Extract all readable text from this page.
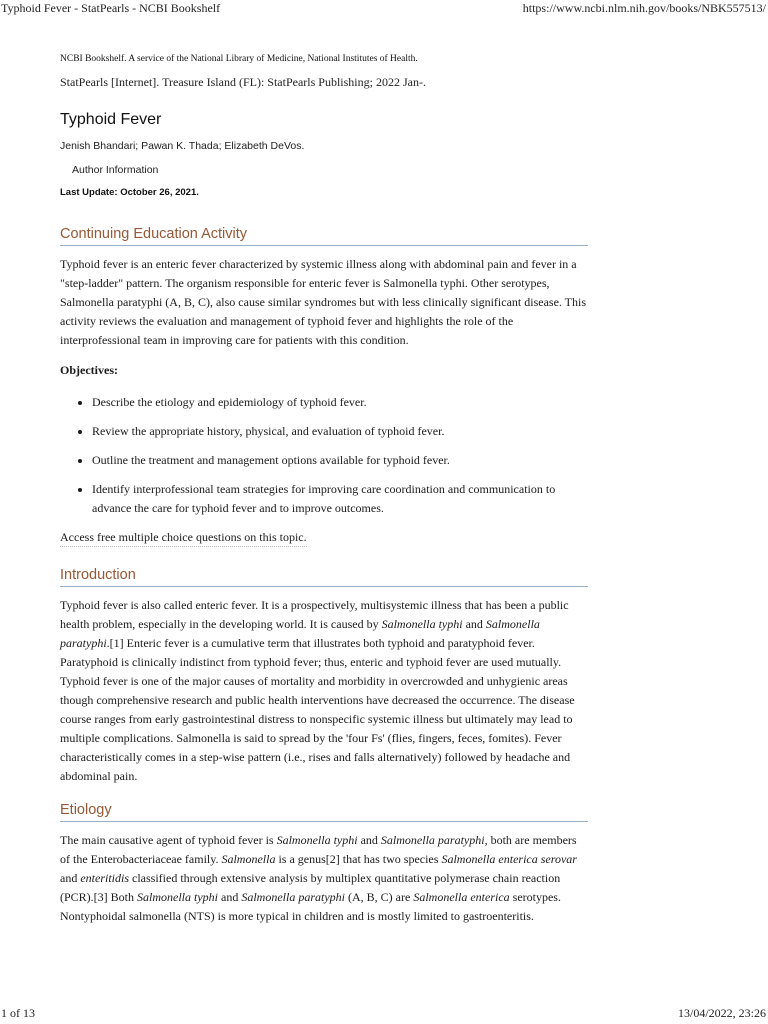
Typhoid Fever - StatPearls - NCBI Bookshelf	https://www.ncbi.nlm.nih.gov/books/NBK557513/

NCBI Bookshelf. A service of the National Library of Medicine, National Institutes of Health.

StatPearls [Internet]. Treasure Island (FL): StatPearls Publishing; 2022 Jan-.

Typhoid Fever

Jenish Bhandari; Pawan K. Thada; Elizabeth DeVos.

Author Information

Last Update: October 26, 2021.

Continuing Education Activity

Typhoid fever is an enteric fever characterized by systemic illness along with abdominal pain and fever in a "step-ladder" pattern. The organism responsible for enteric fever is Salmonella typhi. Other serotypes, Salmonella paratyphi (A, B, C), also cause similar syndromes but with less clinically significant disease. This activity reviews the evaluation and management of typhoid fever and highlights the role of the interprofessional team in improving care for patients with this condition.

Objectives:

• Describe the etiology and epidemiology of typhoid fever.
• Review the appropriate history, physical, and evaluation of typhoid fever.
• Outline the treatment and management options available for typhoid fever.
• Identify interprofessional team strategies for improving care coordination and communication to advance the care for typhoid fever and to improve outcomes.
Access free multiple choice questions on this topic.
Introduction

Typhoid fever is also called enteric fever. It is a prospectively, multisystemic illness that has been a public health problem, especially in the developing world. It is caused by Salmonella typhi and Salmonella paratyphi.[1] Enteric fever is a cumulative term that illustrates both typhoid and paratyphoid fever. Paratyphoid is clinically indistinct from typhoid fever; thus, enteric and typhoid fever are used mutually. Typhoid fever is one of the major causes of mortality and morbidity in overcrowded and unhygienic areas though comprehensive research and public health interventions have decreased the occurrence. The disease course ranges from early gastrointestinal distress to nonspecific systemic illness but ultimately may lead to multiple complications. Salmonella is said to spread by the 'four Fs' (flies, fingers, feces, fomites). Fever characteristically comes in a step-wise pattern (i.e., rises and falls alternatively) followed by headache and abdominal pain.

Etiology

The main causative agent of typhoid fever is Salmonella typhi and Salmonella paratyphi, both are members of the Enterobacteriaceae family. Salmonella is a genus[2] that has two species Salmonella enterica serovar and enteritidis classified through extensive analysis by multiplex quantitative polymerase chain reaction (PCR).[3] Both Salmonella typhi and Salmonella paratyphi (A, B, C) are Salmonella enterica serotypes. Nontyphoidal salmonella (NTS) is more typical in children and is mostly limited to gastroenteritis.

1 of 13	13/04/2022, 23:26
